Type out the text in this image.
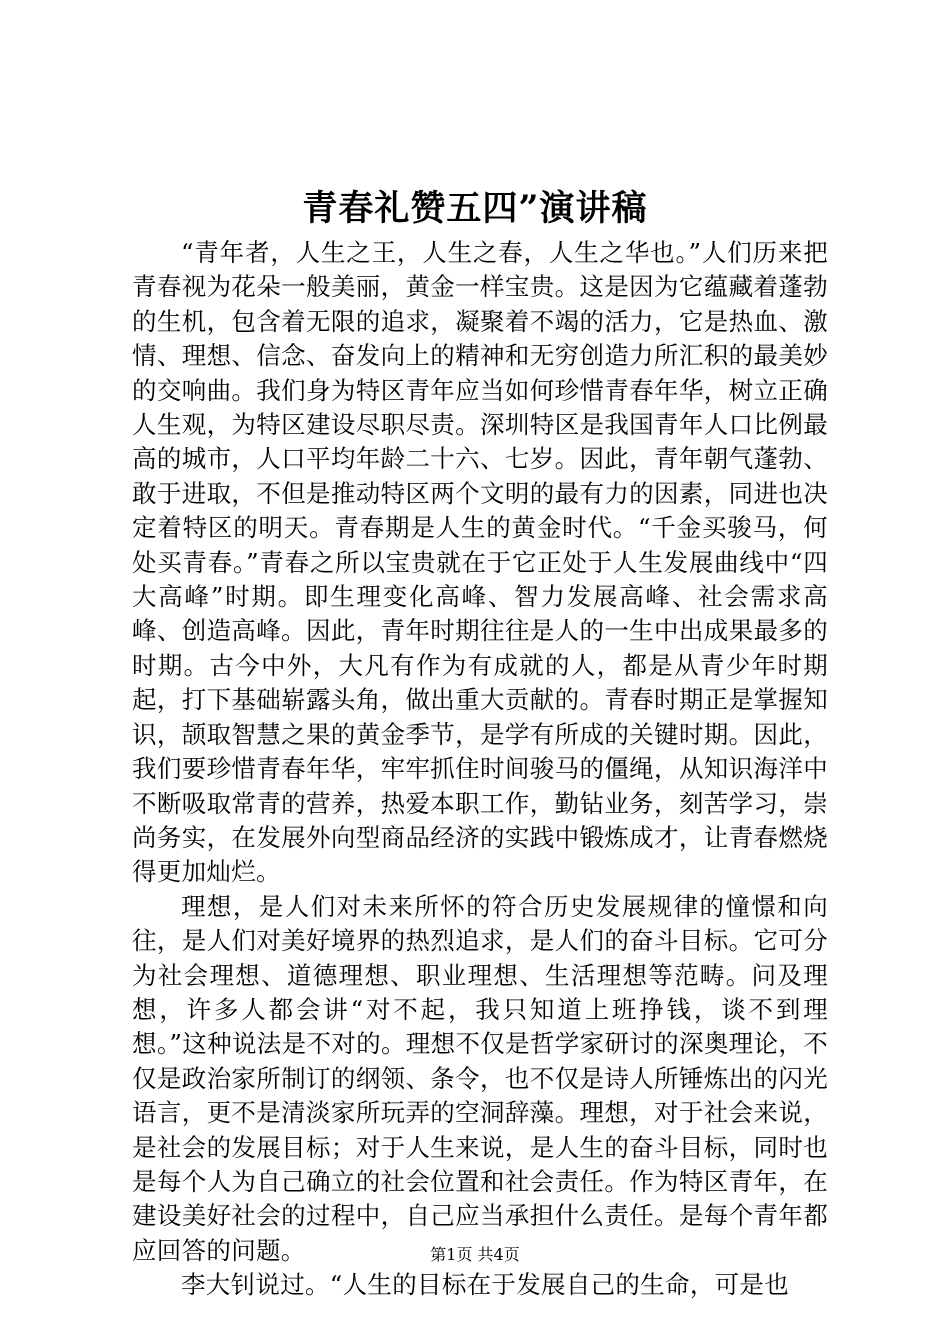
青春礼赞五四”演讲稿

“青年者，人生之王，人生之春，人生之华也。”人们历来把青春视为花朵一般美丽，黄金一样宝贵。这是因为它蕴藏着蓬勃的生机，包含着无限的追求，凝聚着不竭的活力，它是热血、激情、理想、信念、奋发向上的精神和无穷创造力所汇积的最美妙的交响曲。我们身为特区青年应当如何珍惜青春年华，树立正确人生观，为特区建设尽职尽责。深圳特区是我国青年人口比例最高的城市，人口平均年龄二十六、七岁。因此，青年朝气蓬勃、敢于进取，不但是推动特区两个文明的最有力的因素，同进也决定着特区的明天。青春期是人生的黄金时代。“千金买骏马，何处买青春。”青春之所以宝贵就在于它正处于人生发展曲线中“四大高峰”时期。即生理变化高峰、智力发展高峰、社会需求高峰、创造高峰。因此，青年时期往往是人的一生中出成果最多的时期。古今中外，大凡有作为有成就的人，都是从青少年时期起，打下基础崭露头角，做出重大贡献的。青春时期正是掌握知识，颉取智慧之果的黄金季节，是学有所成的关键时期。因此，我们要珍惜青春年华，牢牢抓住时间骏马的僵绳，从知识海洋中不断吸取常青的营养，热爱本职工作，勤钻业务，刻苦学习，崇尚务实，在发展外向型商品经济的实践中锻炼成才，让青春燃烧得更加灿烂。

理想，是人们对未来所怀的符合历史发展规律的憧憬和向往，是人们对美好境界的热烈追求，是人们的奋斗目标。它可分为社会理想、道德理想、职业理想、生活理想等范畴。问及理想，许多人都会讲“对不起，我只知道上班挣钱，谈不到理想。”这种说法是不对的。理想不仅是哲学家研讨的深奥理论，不仅是政治家所制订的纲领、条令，也不仅是诗人所锤炼出的闪光语言，更不是清淡家所玩弄的空洞辞藻。理想，对于社会来说，是社会的发展目标；对于人生来说，是人生的奋斗目标，同时也是每个人为自己确立的社会位置和社会责任。作为特区青年，在建设美好社会的过程中，自己应当承担什么责任。是每个青年都应回答的问题。

李大钊说过。“人生的目标在于发展自己的生命，可是也

第1页 共4页
